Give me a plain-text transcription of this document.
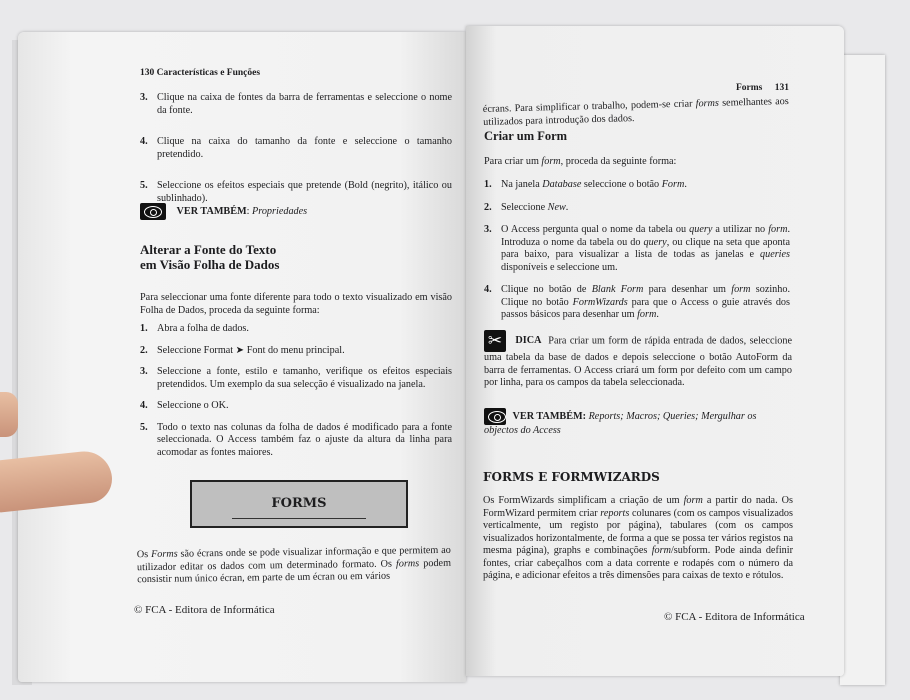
130 Características e Funções
3. Clique na caixa de fontes da barra de ferramentas e seleccione o nome da fonte.
4. Clique na caixa do tamanho da fonte e seleccione o tamanho pretendido.
5. Seleccione os efeitos especiais que pretende (Bold (negrito), itálico ou sublinhado).
VER TAMBÉM: Propriedades
Alterar a Fonte do Texto
em Visão Folha de Dados
Para seleccionar uma fonte diferente para todo o texto visualizado em visão Folha de Dados, proceda da seguinte forma:
1. Abra a folha de dados.
2. Seleccione Format ➤ Font do menu principal.
3. Seleccione a fonte, estilo e tamanho, verifique os efeitos especiais pretendidos. Um exemplo da sua selecção é visualizado na janela.
4. Seleccione o OK.
5. Todo o texto nas colunas da folha de dados é modificado para a fonte seleccionada. O Access também faz o ajuste da altura da linha para acomodar as fontes maiores.
FORMS
Os Forms são écrans onde se pode visualizar informação e que permitem ao utilizador editar os dados com um determinado formato. Os forms podem consistir num único écran, em parte de um écran ou em vários
© FCA - Editora de Informática
Forms 131
écrans. Para simplificar o trabalho, podem-se criar forms semelhantes aos utilizados para introdução dos dados.
Criar um Form
Para criar um form, proceda da seguinte forma:
1. Na janela Database seleccione o botão Form.
2. Seleccione New.
3. O Access pergunta qual o nome da tabela ou query a utilizar no form. Introduza o nome da tabela ou do query, ou clique na seta que aponta para baixo, para visualizar a lista de todas as janelas e queries disponíveis e seleccione um.
4. Clique no botão de Blank Form para desenhar um form sozinho. Clique no botão FormWizards para que o Access o guie através dos passos básicos para desenhar um form.
✂ DICA Para criar um form de rápida entrada de dados, seleccione uma tabela da base de dados e depois seleccione o botão AutoForm da barra de ferramentas. O Access criará um form por defeito com um campo por linha, para os campos da tabela seleccionada.
VER TAMBÉM: Reports; Macros; Queries; Mergulhar os objectos do Access
FORMS E FORMWIZARDS
Os FormWizards simplificam a criação de um form a partir do nada. Os FormWizard permitem criar reports colunares (com os campos visualizados verticalmente, um registo por página), tabulares (com os campos visualizados horizontalmente, de forma a que se possa ter vários registos na mesma página), graphs e combinações form/subform. Pode ainda definir fontes, criar cabeçalhos com a data corrente e rodapés com o número da página, e adicionar efeitos a três dimensões para caixas de texto e rótulos.
© FCA - Editora de Informática
